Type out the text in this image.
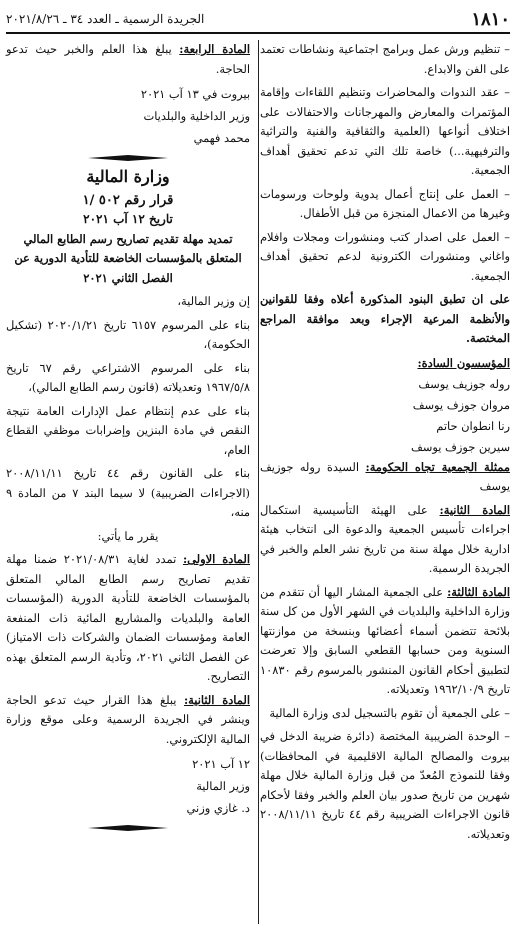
١٨١٠
الجريدة الرسمية ـ العدد ٣٤ ـ ٢٠٢١/٨/٢٦

– تنظيم ورش عمل وبرامج اجتماعية ونشاطات تعتمد على الفن والابداع.

– عقد الندوات والمحاضرات وتنظيم اللقاءات وإقامة المؤتمرات والمعارض والمهرجانات والاحتفالات على اختلاف أنواعها (العلمية والثقافية والفنية والتراثية والترفيهية...) خاصة تلك التي تدعم تحقيق أهداف الجمعية.

– العمل على إنتاج أعمال يدوية ولوحات ورسومات وغيرها من الاعمال المنجزة من قبل الأطفال.

– العمل على اصدار كتب ومنشورات ومجلات وافلام واغاني ومنشورات الكترونية لدعم تحقيق أهداف الجمعية.

على ان تطبق البنود المذكورة أعلاه وفقا للقوانين والأنظمة المرعية الإجراء وبعد موافقة المراجع المختصة.

المؤسسون السادة:

روله جوزيف يوسف

مروان جوزف يوسف

رنا انطوان حاتم

سيرين جوزف يوسف

ممثلة الجمعية تجاه الحكومة: السيدة روله جوزيف يوسف

المادة الثانية: على الهيئة التأسيسية استكمال اجراءات تأسيس الجمعية والدعوة الى انتخاب هيئة ادارية خلال مهلة سنة من تاريخ نشر العلم والخبر في الجريدة الرسمية.

المادة الثالثة: على الجمعية المشار اليها أن تتقدم من وزارة الداخلية والبلديات في الشهر الأول من كل سنة بلائحة تتضمن أسماء أعضائها وبنسخة من موازنتها السنوية ومن حسابها القطعي السابق وإلا تعرضت لتطبيق أحكام القانون المنشور بالمرسوم رقم ١٠٨٣٠ تاريخ ١٩٦٢/١٠/٩ وتعديلاته.

– على الجمعية أن تقوم بالتسجيل لدى وزارة المالية

– الوحدة الضريبية المختصة (دائرة ضريبة الدخل في بيروت والمصالح المالية الاقليمية في المحافظات) وفقا للنموذج المُعدّ من قبل وزارة المالية خلال مهلة شهرين من تاريخ صدور بيان العلم والخبر وفقا لأحكام قانون الاجراءات الضريبية رقم ٤٤ تاريخ ٢٠٠٨/١١/١١ وتعديلاته.

المادة الرابعة: يبلغ هذا العلم والخبر حيث تدعو الحاجة.

بيروت في ١٣ آب ٢٠٢١

وزير الداخلية والبلديات

محمد فهمي

وزارة المالية
قرار رقم ٥٠٢ /١
تاريخ ١٢ آب ٢٠٢١

تمديد مهلة تقديم تصاريح رسم الطابع المالي المتعلق بالمؤسسات الخاضعة للتأدية الدورية عن الفصل الثاني ٢٠٢١

إن وزير المالية،

بناء على المرسوم ٦١٥٧ تاريخ ٢٠٢٠/١/٢١ (تشكيل الحكومة)،

بناء على المرسوم الاشتراعي رقم ٦٧ تاريخ ١٩٦٧/٥/٨ وتعديلاته (قانون رسم الطابع المالي)،

بناء على عدم إنتظام عمل الإدارات العامة نتيجة النقص في مادة البنزين وإضرابات موظفي القطاع العام،

بناء على القانون رقم ٤٤ تاريخ ٢٠٠٨/١١/١١ (الاجراءات الضريبية) لا سيما البند ٧ من المادة ٩ منه،

يقرر ما يأتي:

المادة الاولى: تمدد لغاية ٢٠٢١/٠٨/٣١ ضمنا مهلة تقديم تصاريح رسم الطابع المالي المتعلق بالمؤسسات الخاضعة للتأدية الدورية (المؤسسات العامة والبلديات والمشاريع المائية ذات المنفعة العامة ومؤسسات الضمان والشركات ذات الامتياز) عن الفصل الثاني ٢٠٢١، وتأدية الرسم المتعلق بهذه التصاريح.

المادة الثانية: يبلغ هذا القرار حيث تدعو الحاجة وينشر في الجريدة الرسمية وعلى موقع وزارة المالية الإلكتروني.

١٢ آب ٢٠٢١

وزير المالية

د. غازي وزني
